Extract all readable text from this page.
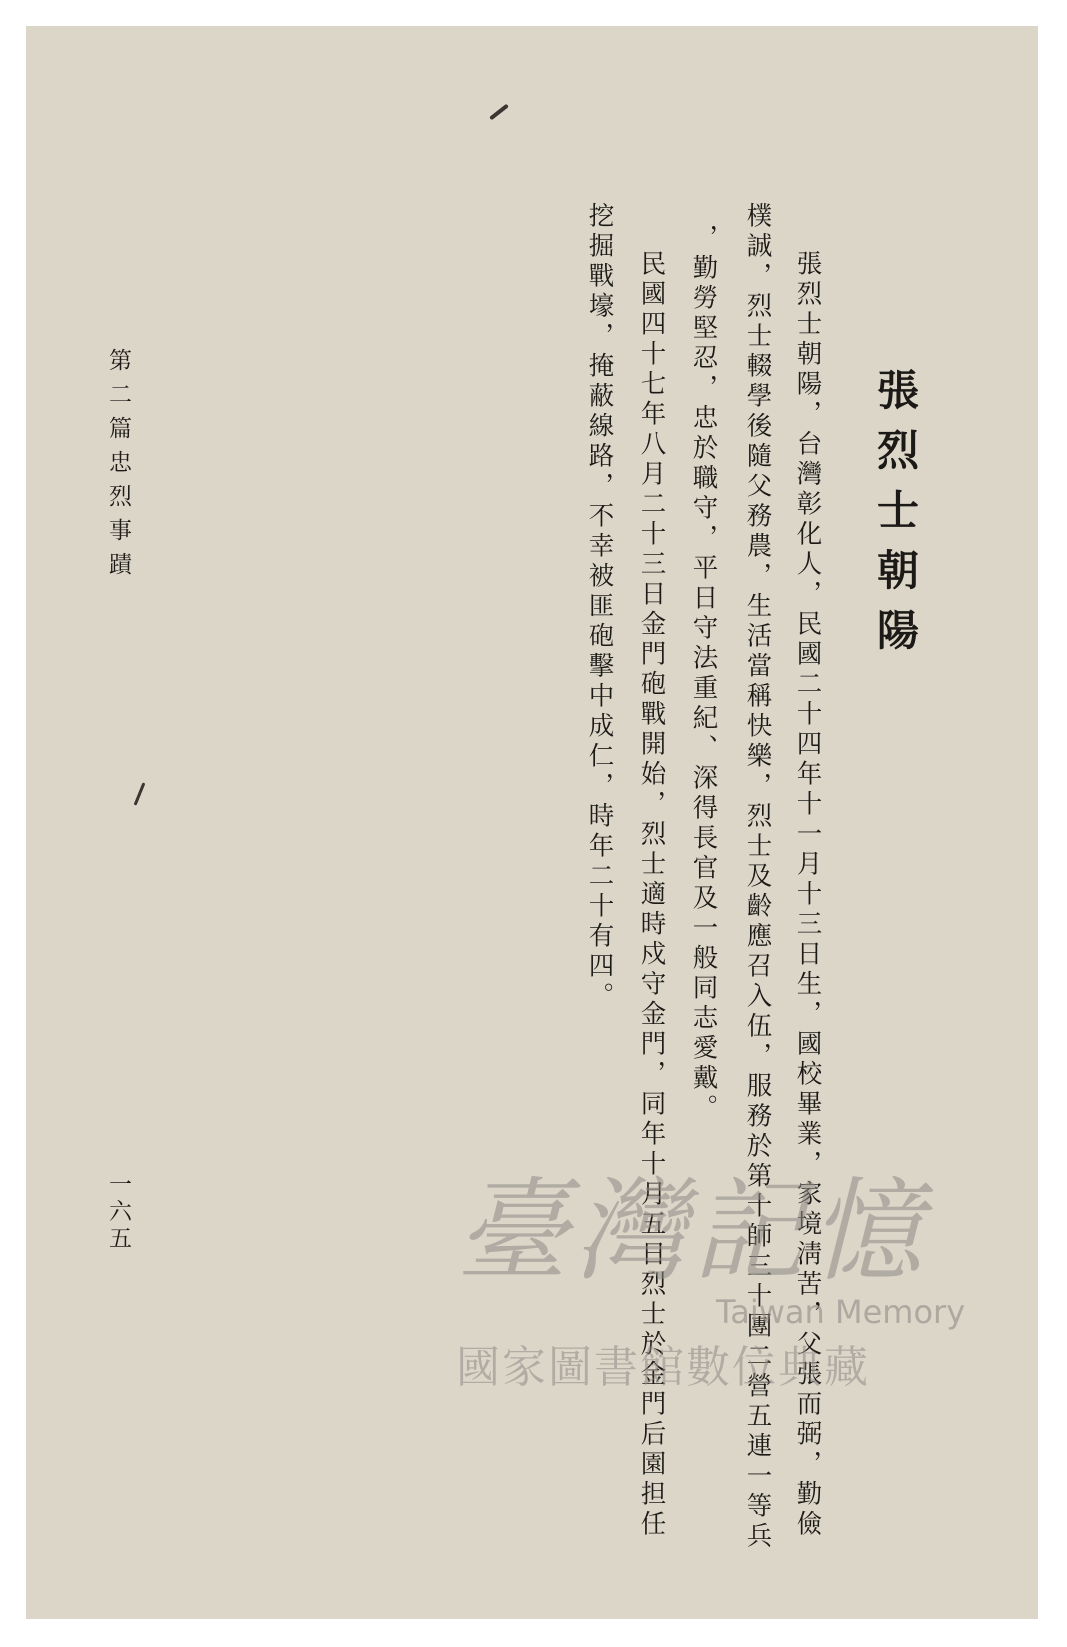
張烈士朝陽

張烈士朝陽，台灣彰化人，民國二十四年十一月十三日生，國校畢業，家境淸苦，父張而弼，勤儉

樸誠，烈士輟學後隨父務農，生活當稱快樂，烈士及齡應召入伍，服務於第十師三十團二營五連一等兵

，勤勞堅忍，忠於職守，平日守法重紀、深得長官及一般同志愛戴。

民國四十七年八月二十三日金門砲戰開始，烈士適時戍守金門，同年十月五日烈士於金門后園担任

挖掘戰壕，掩蔽線路，不幸被匪砲擊中成仁，時年二十有四。

第二篇忠烈事蹟
一六五	臺灣記憶
Taiwan Memory
國家圖書館數位典藏
